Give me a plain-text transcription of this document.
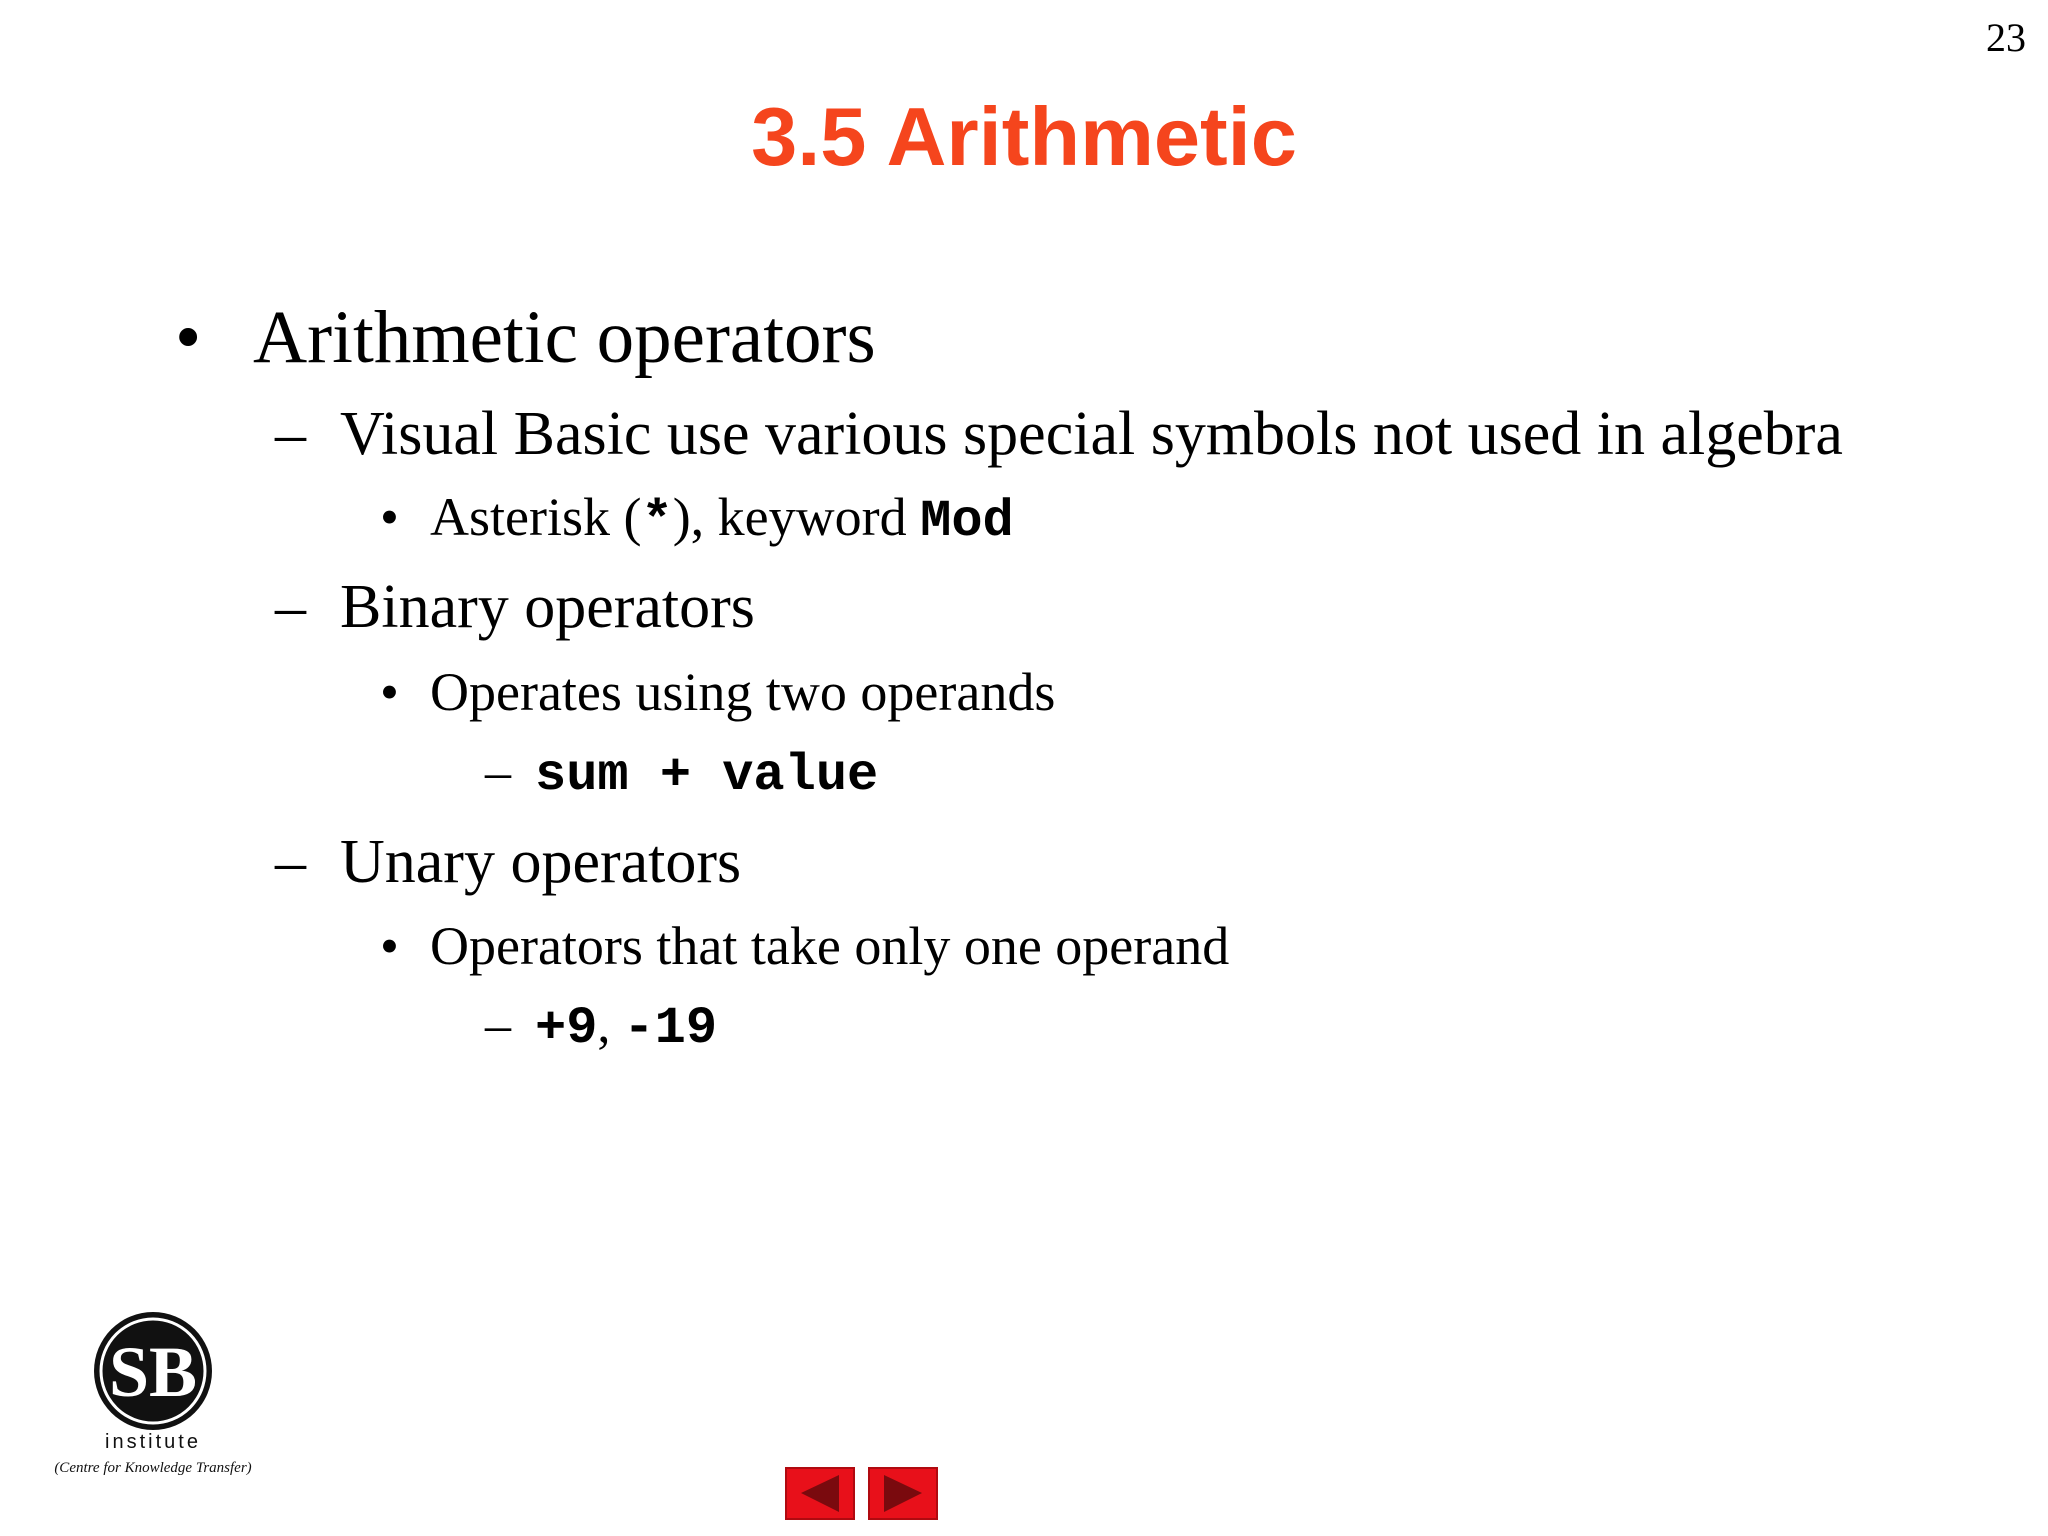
23
3.5 Arithmetic
• Arithmetic operators
– Visual Basic use various special symbols not used in algebra
• Asterisk (*), keyword Mod
– Binary operators
• Operates using two operands
– sum + value
– Unary operators
• Operators that take only one operand
– +9, -19
SB
institute
(Centre for Knowledge Transfer)
